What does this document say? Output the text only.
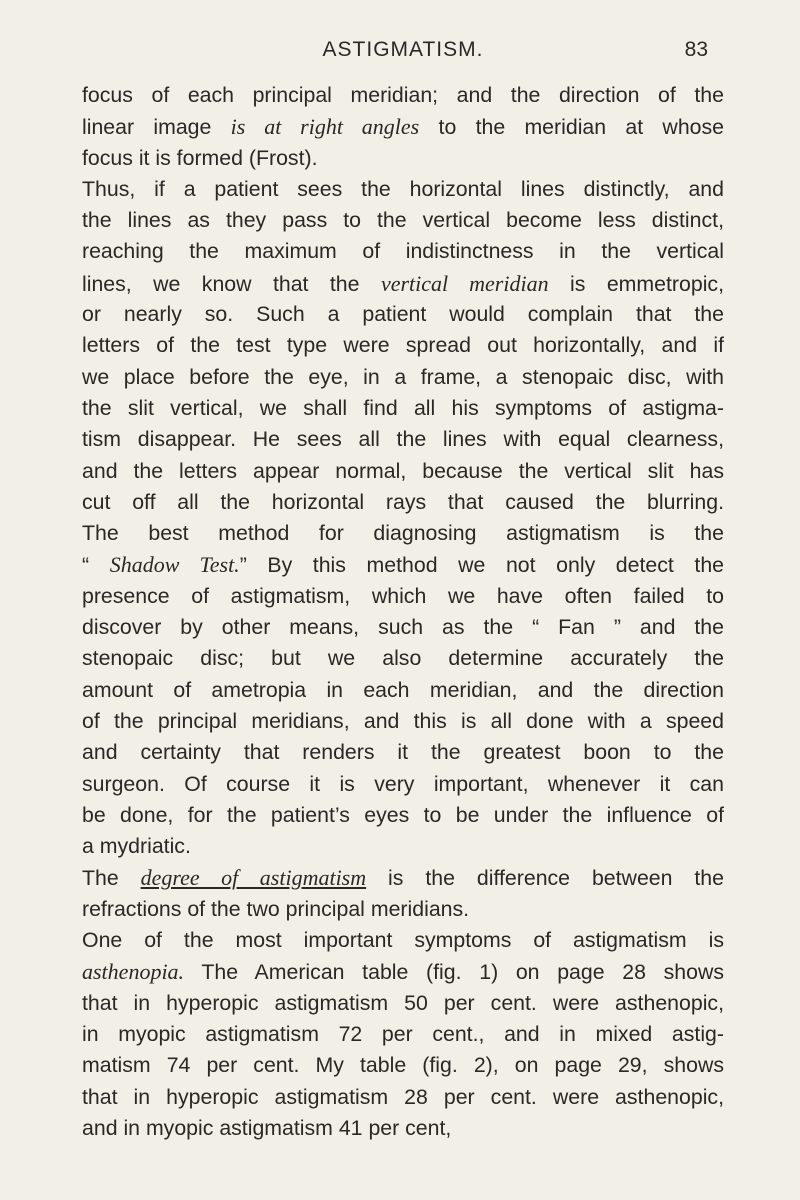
ASTIGMATISM.	83
focus of each principal meridian; and the direction of the
linear image is at right angles to the meridian at whose
focus it is formed (Frost).
Thus, if a patient sees the horizontal lines distinctly, and
the lines as they pass to the vertical become less distinct,
reaching the maximum of indistinctness in the vertical
lines, we know that the vertical meridian is emmetropic,
or nearly so. Such a patient would complain that the
letters of the test type were spread out horizontally, and if
we place before the eye, in a frame, a stenopaic disc, with
the slit vertical, we shall find all his symptoms of astigma-
tism disappear. He sees all the lines with equal clearness,
and the letters appear normal, because the vertical slit has
cut off all the horizontal rays that caused the blurring.
The best method for diagnosing astigmatism is the
“ Shadow Test.” By this method we not only detect the
presence of astigmatism, which we have often failed to
discover by other means, such as the “ Fan ” and the
stenopaic disc; but we also determine accurately the
amount of ametropia in each meridian, and the direction
of the principal meridians, and this is all done with a speed
and certainty that renders it the greatest boon to the
surgeon. Of course it is very important, whenever it can
be done, for the patient’s eyes to be under the influence of
a mydriatic.
The degree of astigmatism is the difference between the
refractions of the two principal meridians.
One of the most important symptoms of astigmatism is
asthenopia. The American table (fig. 1) on page 28 shows
that in hyperopic astigmatism 50 per cent. were asthenopic,
in myopic astigmatism 72 per cent., and in mixed astig-
matism 74 per cent. My table (fig. 2), on page 29, shows
that in hyperopic astigmatism 28 per cent. were asthenopic,
and in myopic astigmatism 41 per cent,
